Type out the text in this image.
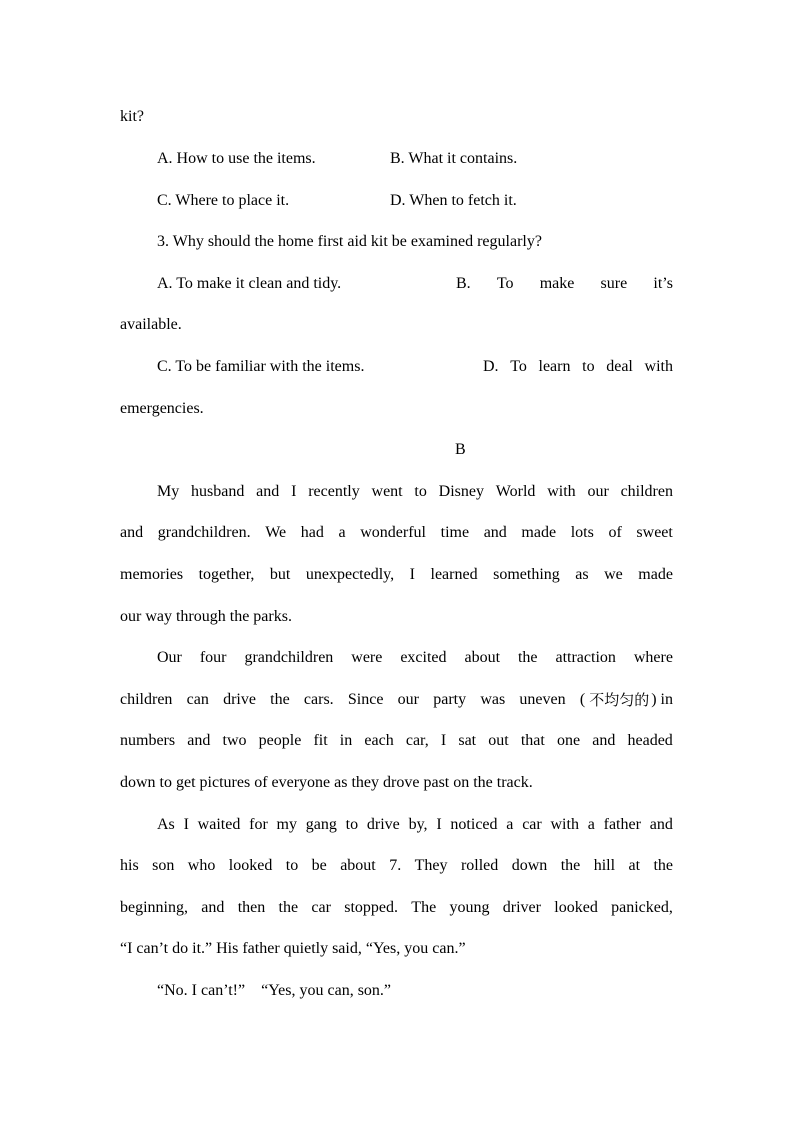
kit?
A. How to use the items.	B. What it contains.
C. Where to place it.	D. When to fetch it.
3. Why should the home first aid kit be examined regularly?
A. To make it clean and tidy.	B. To make sure it’s
available.
C. To be familiar with the items.	D. To learn to deal with
emergencies.
B
My husband and I recently went to Disney World with our children
and grandchildren. We had a wonderful time and made lots of sweet
memories together, but unexpectedly, I learned something as we made
our way through the parks.
Our four grandchildren were excited about the attraction where
children can drive the cars. Since our party was uneven ( 不均匀的 ) in
numbers and two people fit in each car, I sat out that one and headed
down to get pictures of everyone as they drove past on the track.
As I waited for my gang to drive by, I noticed a car with a father and
his son who looked to be about 7. They rolled down the hill at the
beginning, and then the car stopped. The young driver looked panicked,
“I can’t do it.” His father quietly said, “Yes, you can.”
“No. I can’t!”    “Yes, you can, son.”
